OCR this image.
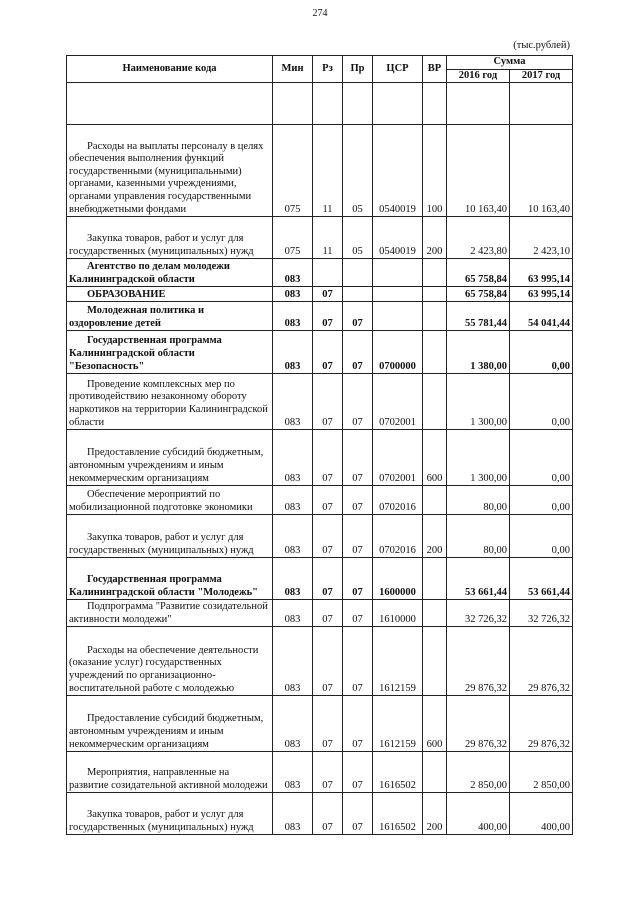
274
(тыс.рублей)
Наименование кода	Мин	Рз	Пр	ЦСР	ВР	Сумма	
						2016 год	2017 год

Расходы на выплаты персоналу в целях обеспечения выполнения функций государственными (муниципальными) органами, казенными учреждениями, органами управления государственными внебюджетными фондами	075	11	05	0540019	100	10 163,40	10 163,40
Закупка товаров, работ и услуг для государственных (муниципальных) нужд	075	11	05	0540019	200	2 423,80	2 423,10
Агентство по делам молодежи Калининградской области	083					65 758,84	63 995,14
ОБРАЗОВАНИЕ	083	07				65 758,84	63 995,14
Молодежная политика и оздоровление детей	083	07	07			55 781,44	54 041,44
Государственная программа Калининградской области "Безопасность"	083	07	07	0700000		1 380,00	0,00
Проведение комплексных мер по противодействию незаконному обороту наркотиков на территории Калининградской области	083	07	07	0702001		1 300,00	0,00
Предоставление субсидий бюджетным, автономным учреждениям и иным некоммерческим организациям	083	07	07	0702001	600	1 300,00	0,00
Обеспечение мероприятий по мобилизационной подготовке экономики	083	07	07	0702016		80,00	0,00
Закупка товаров, работ и услуг для государственных (муниципальных) нужд	083	07	07	0702016	200	80,00	0,00
Государственная программа Калининградской области "Молодежь"	083	07	07	1600000		53 661,44	53 661,44
Подпрограмма "Развитие созидательной активности молодежи"	083	07	07	1610000		32 726,32	32 726,32
Расходы на обеспечение деятельности (оказание услуг) государственных учреждений по организационно-воспитательной работе с молодежью	083	07	07	1612159		29 876,32	29 876,32
Предоставление субсидий бюджетным, автономным учреждениям и иным некоммерческим организациям	083	07	07	1612159	600	29 876,32	29 876,32
Мероприятия, направленные на развитие созидательной активной молодежи	083	07	07	1616502		2 850,00	2 850,00
Закупка товаров, работ и услуг для государственных (муниципальных) нужд	083	07	07	1616502	200	400,00	400,00
